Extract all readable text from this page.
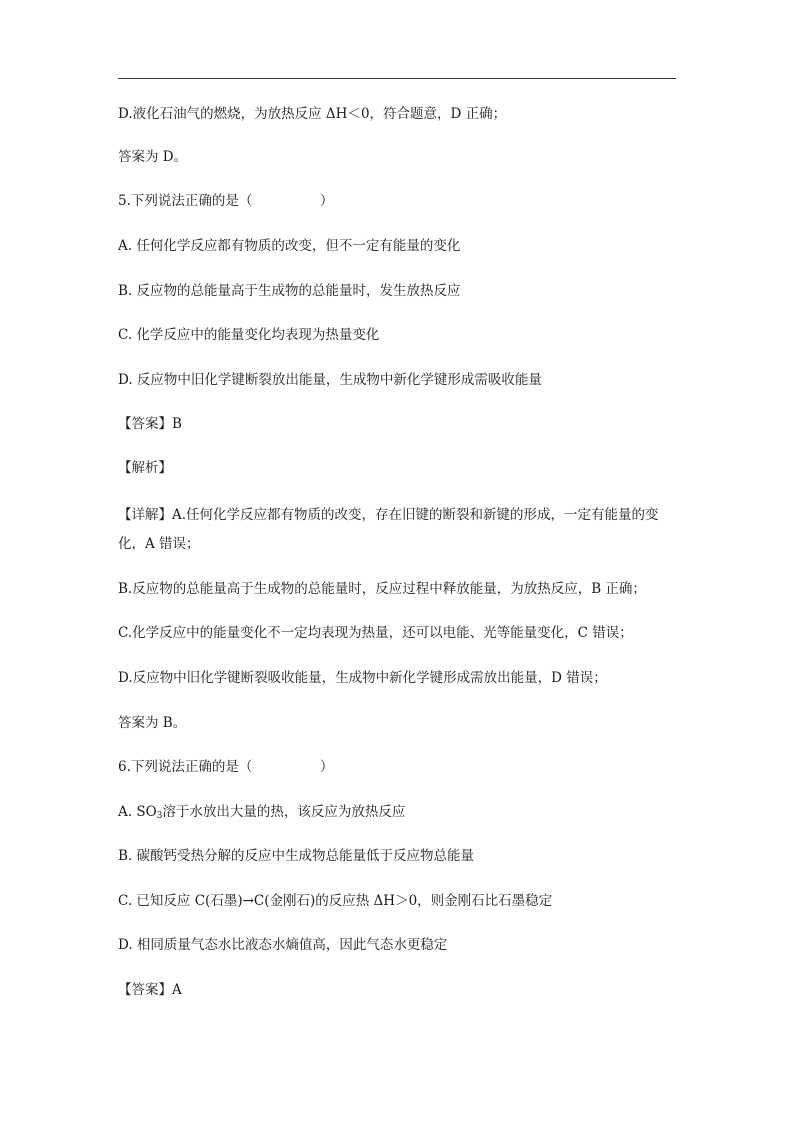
D.液化石油气的燃烧，为放热反应 ΔH＜0，符合题意，D 正确；
答案为 D。
5.下列说法正确的是（　　　　　）
A. 任何化学反应都有物质的改变，但不一定有能量的变化
B. 反应物的总能量高于生成物的总能量时，发生放热反应
C. 化学反应中的能量变化均表现为热量变化
D. 反应物中旧化学键断裂放出能量，生成物中新化学键形成需吸收能量
【答案】B
【解析】
【详解】A.任何化学反应都有物质的改变，存在旧键的断裂和新键的形成，一定有能量的变
化，A 错误；
B.反应物的总能量高于生成物的总能量时，反应过程中释放能量，为放热反应，B 正确；
C.化学反应中的能量变化不一定均表现为热量，还可以电能、光等能量变化，C 错误；
D.反应物中旧化学键断裂吸收能量，生成物中新化学键形成需放出能量，D 错误；
答案为 B。
6.下列说法正确的是（　　　　　）
A. $SO_3$溶于水放出大量的热，该反应为放热反应
B. 碳酸钙受热分解的反应中生成物总能量低于反应物总能量
C. 已知反应 C(石墨)→C(金刚石)的反应热 ΔH＞0，则金刚石比石墨稳定
D. 相同质量气态水比液态水熵值高，因此气态水更稳定
【答案】A
